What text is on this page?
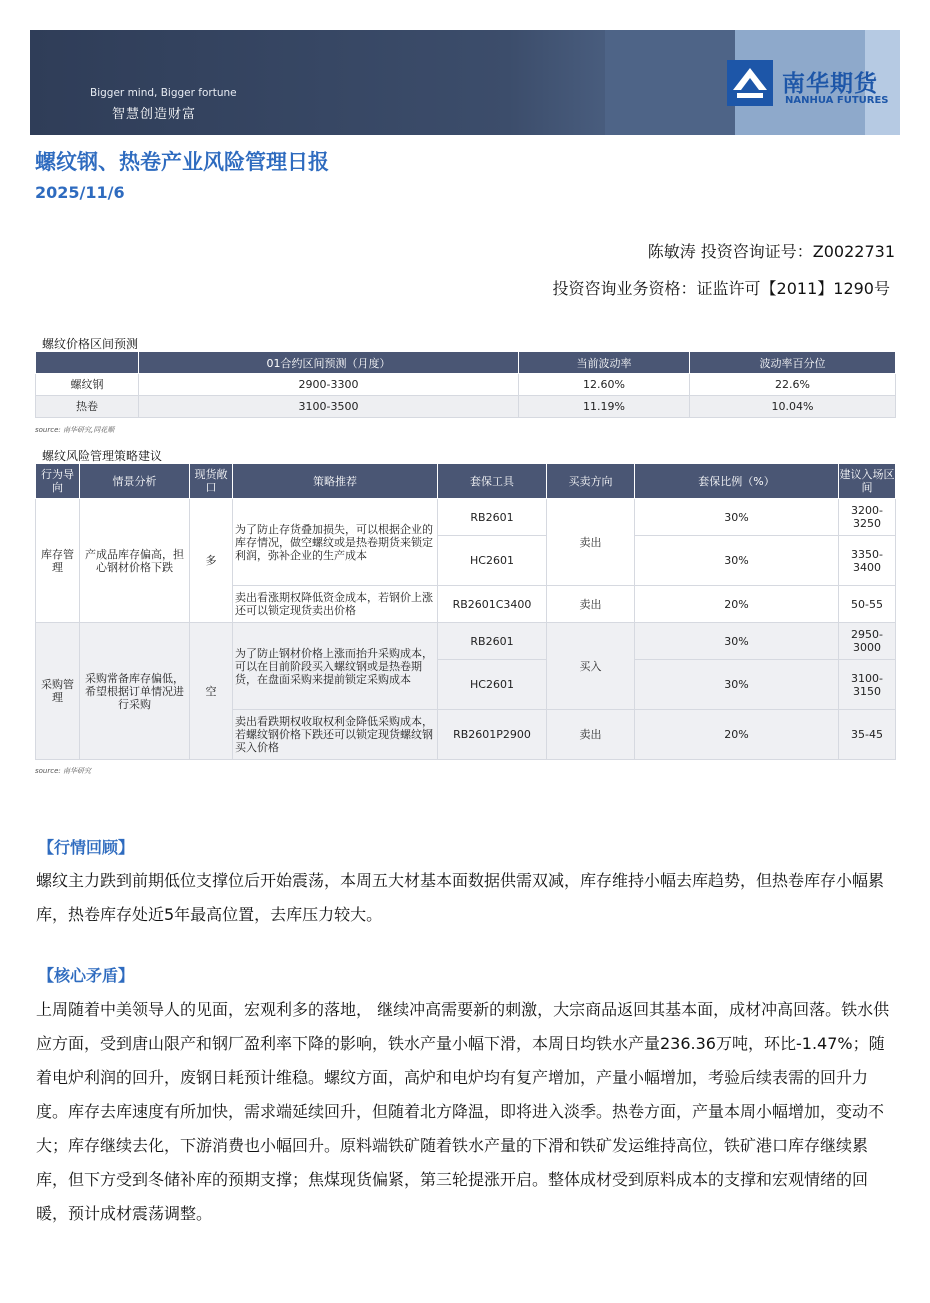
Bigger mind, Bigger fortune
智慧创造财富
南华期货
NANHUA FUTURES
螺纹钢、热卷产业风险管理日报
2025/11/6
陈敏涛 投资咨询证号：Z0022731
投资咨询业务资格：证监许可【2011】1290号
螺纹价格区间预测
	01合约区间预测（月度）	当前波动率	波动率百分位
螺纹钢	2900-3300	12.60%	22.6%
热卷	3100-3500	11.19%	10.04%
source: 南华研究,同花顺
螺纹风险管理策略建议
行为导向	情景分析	现货敞口	策略推荐	套保工具	买卖方向	套保比例（%）	建议入场区间
库存管理	产成品库存偏高，担心钢材价格下跌	多	为了防止存货叠加损失，可以根据企业的库存情况，做空螺纹或是热卷期货来锁定利润，弥补企业的生产成本	RB2601	卖出	30%	3200-3250
				HC2601		30%	3350-3400
			卖出看涨期权降低资金成本，若钢价上涨还可以锁定现货卖出价格	RB2601C3400	卖出	20%	50-55
采购管理	采购常备库存偏低，希望根据订单情况进行采购	空	为了防止钢材价格上涨而抬升采购成本，可以在目前阶段买入螺纹钢或是热卷期货，在盘面采购来提前锁定采购成本	RB2601	买入	30%	2950-3000
				HC2601		30%	3100-3150
			卖出看跌期权收取权利金降低采购成本，若螺纹钢价格下跌还可以锁定现货螺纹钢买入价格	RB2601P2900	卖出	20%	35-45
source: 南华研究
【行情回顾】
螺纹主力跌到前期低位支撑位后开始震荡，本周五大材基本面数据供需双减，库存维持小幅去库趋势，但热卷库存小幅累库，热卷库存处近5年最高位置，去库压力较大。
【核心矛盾】
上周随着中美领导人的见面，宏观利多的落地， 继续冲高需要新的刺激，大宗商品返回其基本面，成材冲高回落。铁水供应方面，受到唐山限产和钢厂盈利率下降的影响，铁水产量小幅下滑，本周日均铁水产量236.36万吨，环比-1.47%；随着电炉利润的回升，废钢日耗预计维稳。螺纹方面，高炉和电炉均有复产增加，产量小幅增加，考验后续表需的回升力度。库存去库速度有所加快，需求端延续回升，但随着北方降温，即将进入淡季。热卷方面，产量本周小幅增加，变动不大；库存继续去化，下游消费也小幅回升。原料端铁矿随着铁水产量的下滑和铁矿发运维持高位，铁矿港口库存继续累库，但下方受到冬储补库的预期支撑；焦煤现货偏紧，第三轮提涨开启。整体成材受到原料成本的支撑和宏观情绪的回暖，预计成材震荡调整。
